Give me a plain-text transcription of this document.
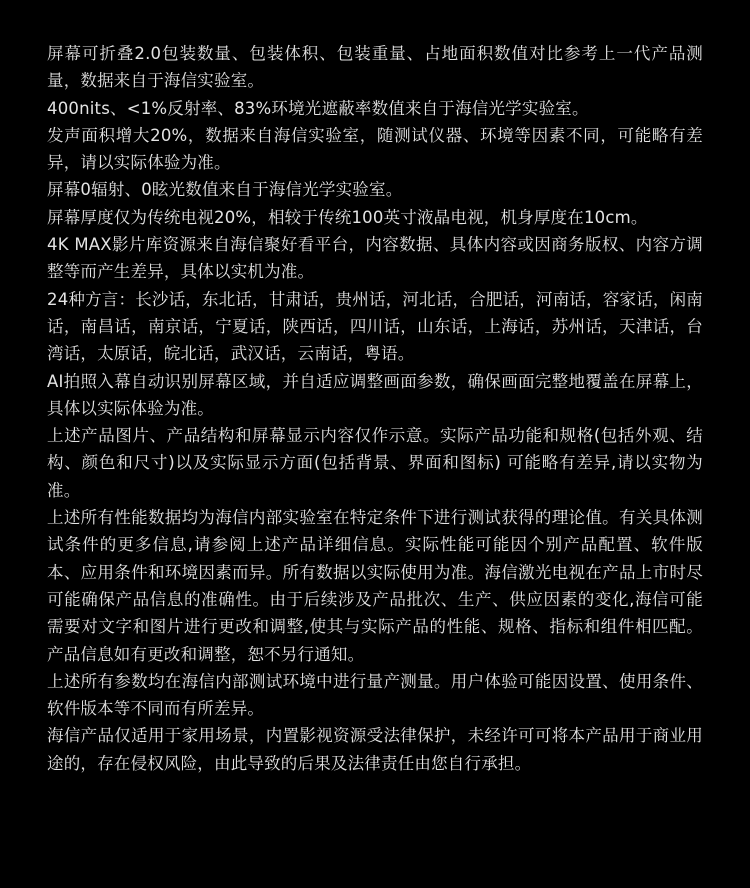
屏幕可折叠2.0包装数量、包装体积、包装重量、占地面积数值对比参考上一代产品测量，数据来自于海信实验室。

400nits、<1%反射率、83%环境光遮蔽率数值来自于海信光学实验室。

发声面积增大20%，数据来自海信实验室，随测试仪器、环境等因素不同，可能略有差异，请以实际体验为准。

屏幕0辐射、0眩光数值来自于海信光学实验室。

屏幕厚度仅为传统电视20%，相较于传统100英寸液晶电视，机身厚度在10cm。

4K MAX影片库资源来自海信聚好看平台，内容数据、具体内容或因商务版权、内容方调整等而产生差异，具体以实机为准。

24种方言：长沙话，东北话，甘肃话，贵州话，河北话，合肥话，河南话，容家话，闲南话，南昌话，南京话，宁夏话，陕西话，四川话，山东话，上海话，苏州话，天津话，台湾话，太原话，皖北话，武汉话，云南话，粤语。

AI拍照入幕自动识别屏幕区域，并自适应调整画面参数，确保画面完整地覆盖在屏幕上，具体以实际体验为准。

上述产品图片、产品结构和屏幕显示内容仅作示意。实际产品功能和规格(包括外观、结构、颜色和尺寸)以及实际显示方面(包括背景、界面和图标) 可能略有差异,请以实物为准。

上述所有性能数据均为海信内部实验室在特定条件下进行测试获得的理论值。有关具体测试条件的更多信息,请参阅上述产品详细信息。实际性能可能因个别产品配置、软件版本、应用条件和环境因素而异。所有数据以实际使用为准。海信激光电视在产品上市时尽可能确保产品信息的准确性。由于后续涉及产品批次、生产、供应因素的变化,海信可能需要对文字和图片进行更改和调整,使其与实际产品的性能、规格、指标和组件相匹配。产品信息如有更改和调整，恕不另行通知。

上述所有参数均在海信内部测试环境中进行量产测量。用户体验可能因设置、使用条件、软件版本等不同而有所差异。

海信产品仅适用于家用场景，内置影视资源受法律保护，未经许可可将本产品用于商业用途的，存在侵权风险，由此导致的后果及法律责任由您自行承担。
